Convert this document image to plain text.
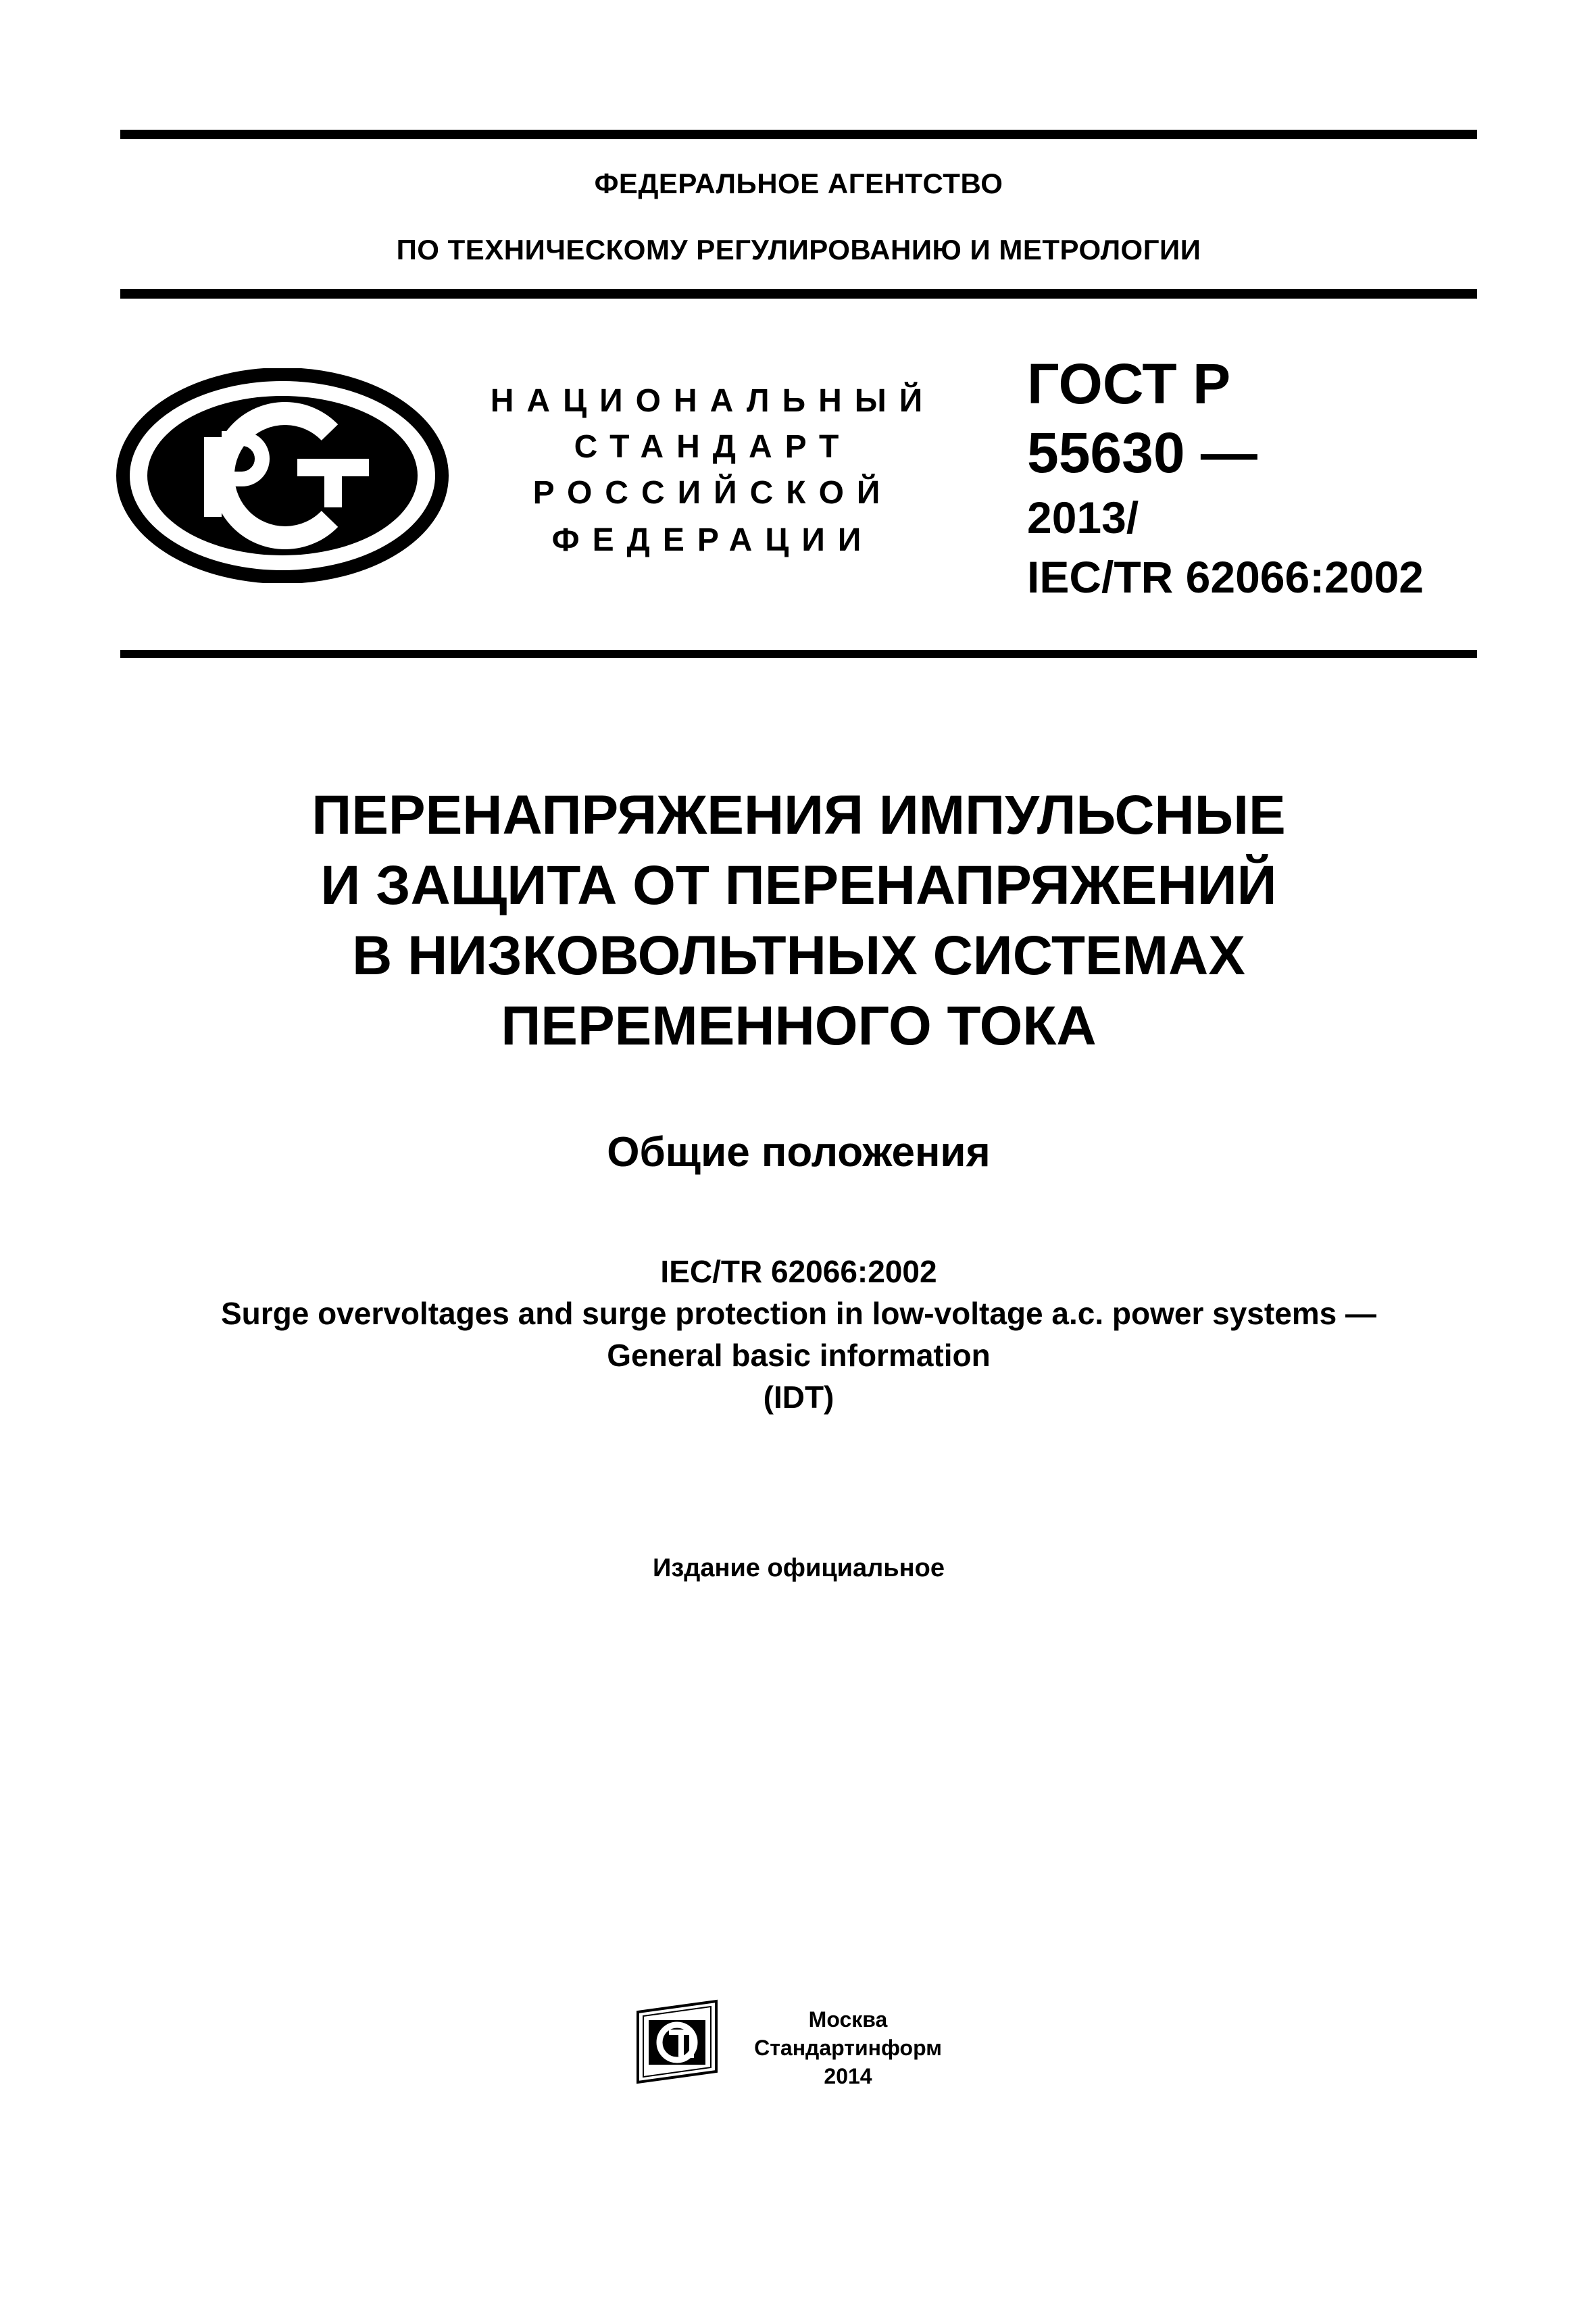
ФЕДЕРАЛЬНОЕ АГЕНТСТВО
ПО ТЕХНИЧЕСКОМУ РЕГУЛИРОВАНИЮ И МЕТРОЛОГИИ
НАЦИОНАЛЬНЫЙ
СТАНДАРТ
РОССИЙСКОЙ
ФЕДЕРАЦИИ
ГОСТ Р
55630 —
2013/
IEC/TR 62066:2002
ПЕРЕНАПРЯЖЕНИЯ ИМПУЛЬСНЫЕ
И ЗАЩИТА ОТ ПЕРЕНАПРЯЖЕНИЙ
В НИЗКОВОЛЬТНЫХ СИСТЕМАХ
ПЕРЕМЕННОГО ТОКА
Общие положения
IEC/TR 62066:2002
Surge overvoltages and surge protection in low-voltage a.c. power systems —
General basic information
(IDT)
Издание официальное
Москва
Стандартинформ
2014
